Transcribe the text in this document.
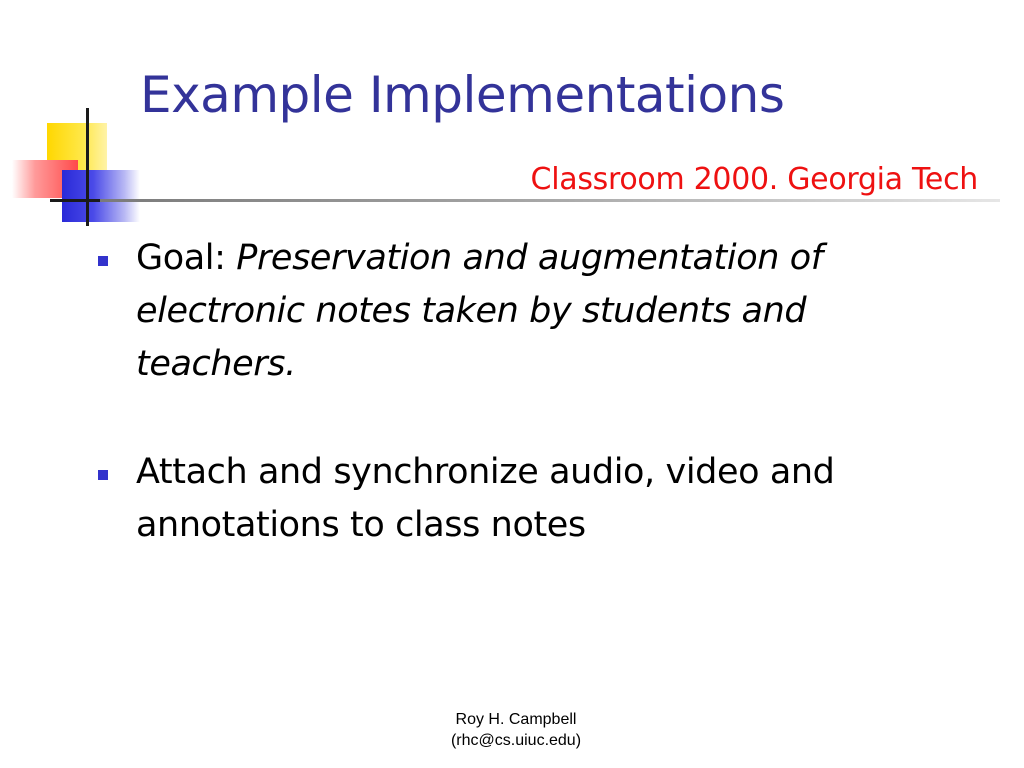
Example Implementations
Classroom 2000. Georgia Tech
Goal: Preservation and augmentation of electronic notes taken by students and teachers.
Attach and synchronize audio, video and annotations to class notes
Roy H. Campbell
(rhc@cs.uiuc.edu)
